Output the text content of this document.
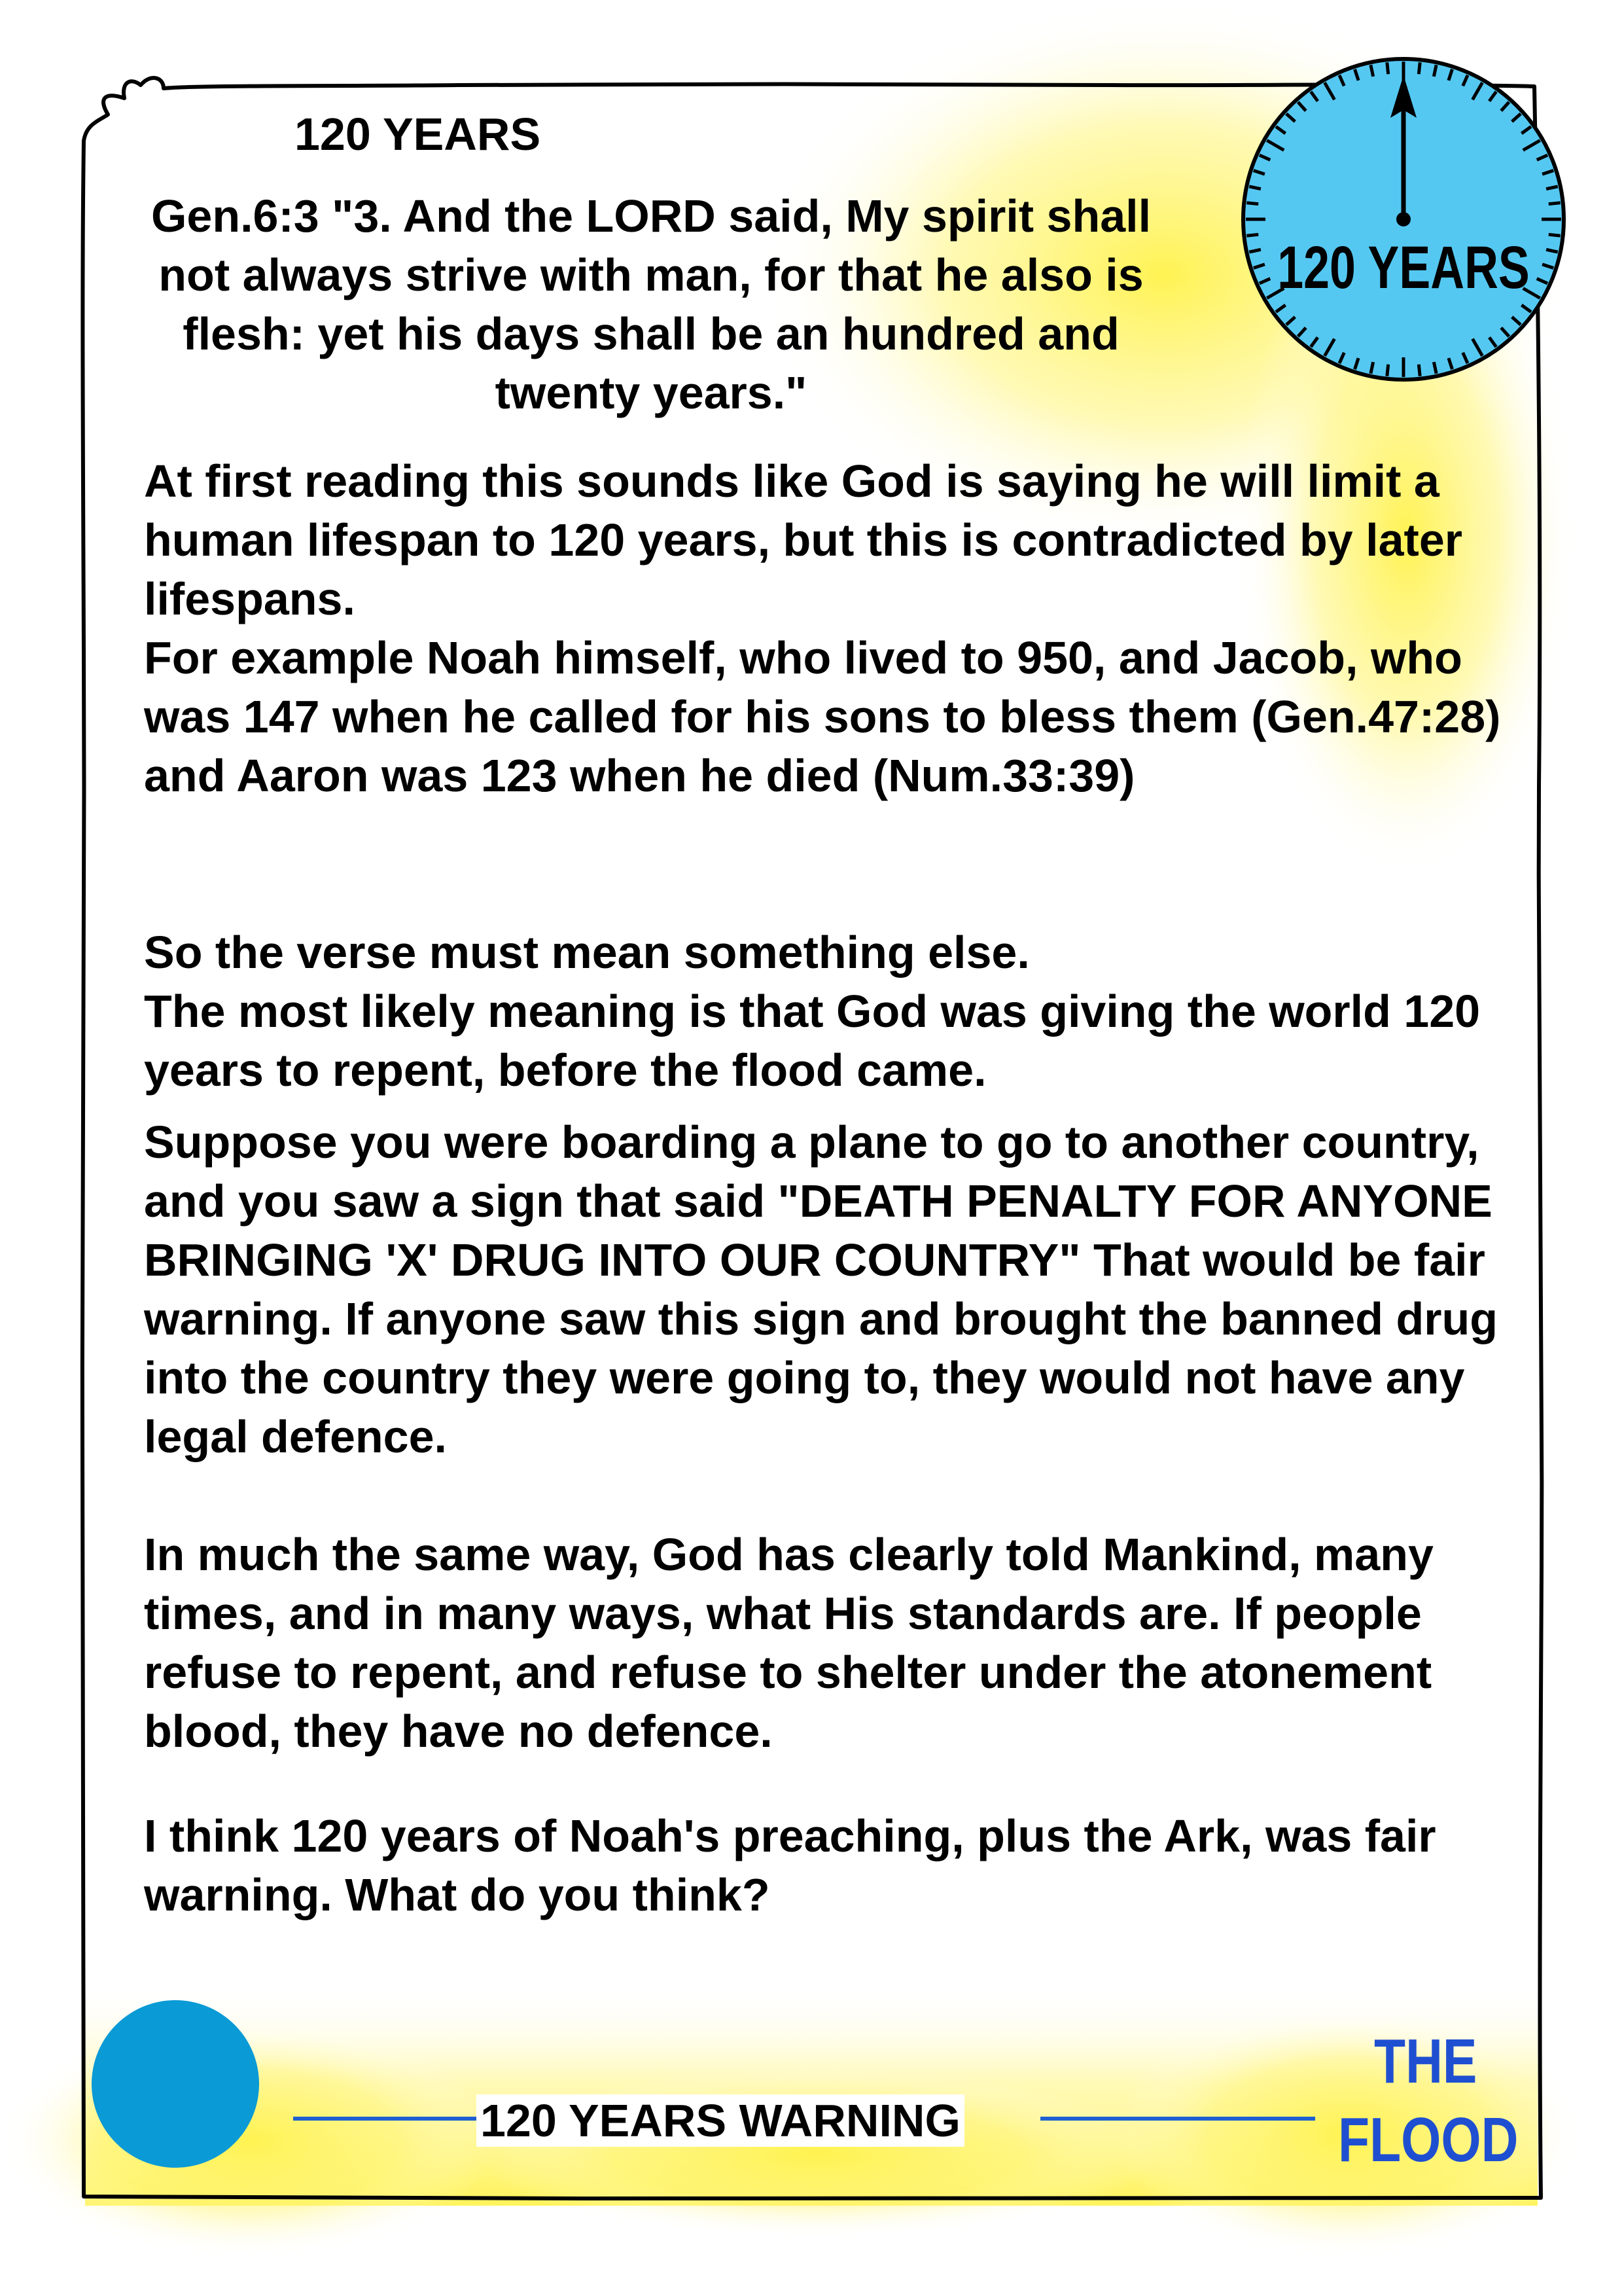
120 YEARS
120 YEARS
Gen.6:3 "3. And the LORD said, My spirit shall not always strive with man, for that he also is flesh: yet his days shall be an hundred and twenty years."
At first reading this sounds like God is saying he will limit a human lifespan to 120 years, but this is contradicted by later lifespans.
For example Noah himself, who lived to 950, and Jacob, who was 147 when he called for his sons to bless them (Gen.47:28) and Aaron was 123 when he died (Num.33:39)
So the verse must mean something else.
The most likely meaning is that God was giving the world 120 years to repent, before the flood came.
Suppose you were boarding a plane to go to another country, and you saw a sign that said "DEATH PENALTY FOR ANYONE BRINGING 'X' DRUG INTO OUR COUNTRY" That would be fair warning. If anyone saw this sign and brought the banned drug into the country they were going to, they would not have any legal defence.
In much the same way, God has clearly told Mankind, many times, and in many ways, what His standards are. If people refuse to repent, and refuse to shelter under the atonement blood, they have no defence.
I think 120 years of Noah's preaching, plus the Ark, was fair warning. What do you think?
120 YEARS WARNING
THE
FLOOD
